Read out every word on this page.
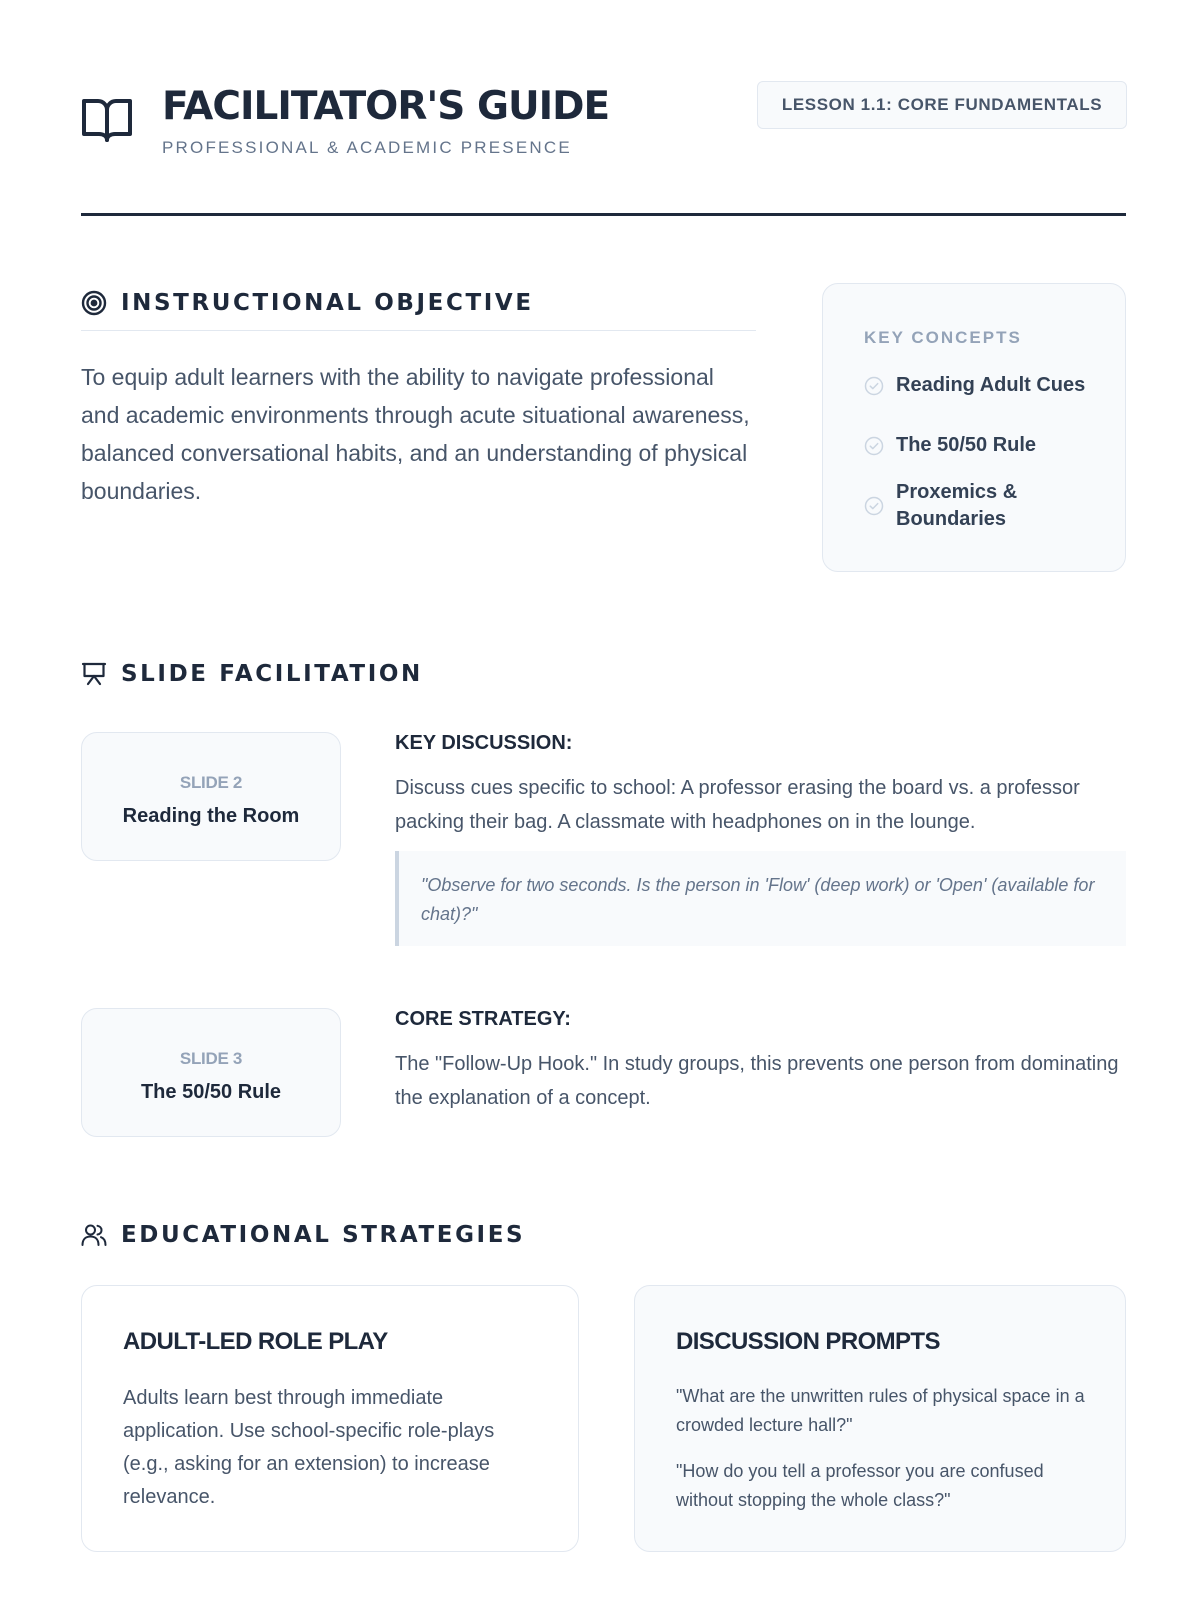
FACILITATOR'S GUIDE
PROFESSIONAL & ACADEMIC PRESENCE
LESSON 1.1: CORE FUNDAMENTALS
INSTRUCTIONAL OBJECTIVE

To equip adult learners with the ability to navigate professional and academic environments through acute situational awareness, balanced conversational habits, and an understanding of physical boundaries.

KEY CONCEPTS
Reading Adult Cues
The 50/50 Rule
Proxemics & Boundaries
SLIDE FACILITATION
SLIDE 2
Reading the Room
KEY DISCUSSION:

Discuss cues specific to school: A professor erasing the board vs. a professor packing their bag. A classmate with headphones on in the lounge.

"Observe for two seconds. Is the person in 'Flow' (deep work) or 'Open' (available for chat)?"
SLIDE 3
The 50/50 Rule
CORE STRATEGY:

The "Follow-Up Hook." In study groups, this prevents one person from dominating the explanation of a concept.

EDUCATIONAL STRATEGIES
ADULT-LED ROLE PLAY

Adults learn best through immediate application. Use school-specific role-plays (e.g., asking for an extension) to increase relevance.

DISCUSSION PROMPTS

"What are the unwritten rules of physical space in a crowded lecture hall?"

"How do you tell a professor you are confused without stopping the whole class?"
